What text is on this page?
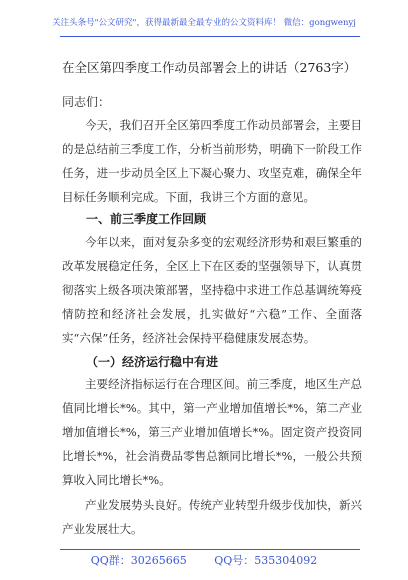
关注头条号"公文研究"，获得最新最全最专业的公文资料库！ 微信：gongwenyj
在全区第四季度工作动员部署会上的讲话（2763字）
同志们：
今天，我们召开全区第四季度工作动员部署会，主要目的是总结前三季度工作，分析当前形势，明确下一阶段工作任务，进一步动员全区上下凝心聚力、攻坚克难，确保全年目标任务顺利完成。下面，我讲三个方面的意见。
一、前三季度工作回顾
今年以来，面对复杂多变的宏观经济形势和艰巨繁重的改革发展稳定任务，全区上下在区委的坚强领导下，认真贯彻落实上级各项决策部署，坚持稳中求进工作总基调统筹疫情防控和经济社会发展，扎实做好“六稳”工作、全面落实“六保”任务，经济社会保持平稳健康发展态势。
（一）经济运行稳中有进
主要经济指标运行在合理区间。前三季度，地区生产总值同比增长*%。其中，第一产业增加值增长*%，第二产业增加值增长*%，第三产业增加值增长*%。固定资产投资同比增长*%，社会消费品零售总额同比增长*%，一般公共预算收入同比增长*%。
产业发展势头良好。传统产业转型升级步伐加快，新兴产业发展壮大。
QQ群：30265665	QQ号：535304092
